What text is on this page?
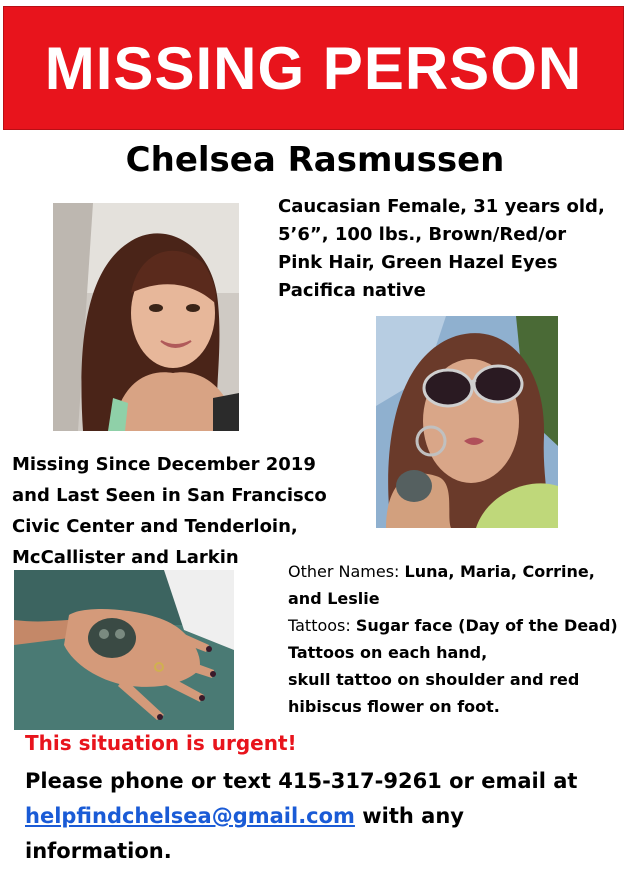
MISSING PERSON
Chelsea Rasmussen
Caucasian Female, 31 years old,
5’6”, 100 lbs., Brown/Red/or
Pink Hair, Green Hazel Eyes
Pacifica native
Missing Since December 2019
and Last Seen in San Francisco
Civic Center and Tenderloin,
McCallister and Larkin
Other Names: Luna, Maria, Corrine,
and Leslie
Tattoos: Sugar face (Day of the Dead)
Tattoos on each hand,
skull tattoo on shoulder and red
hibiscus flower on foot.
This situation is urgent!
Please phone or text 415-317-9261 or email at
helpfindchelsea@gmail.com with any
information.
